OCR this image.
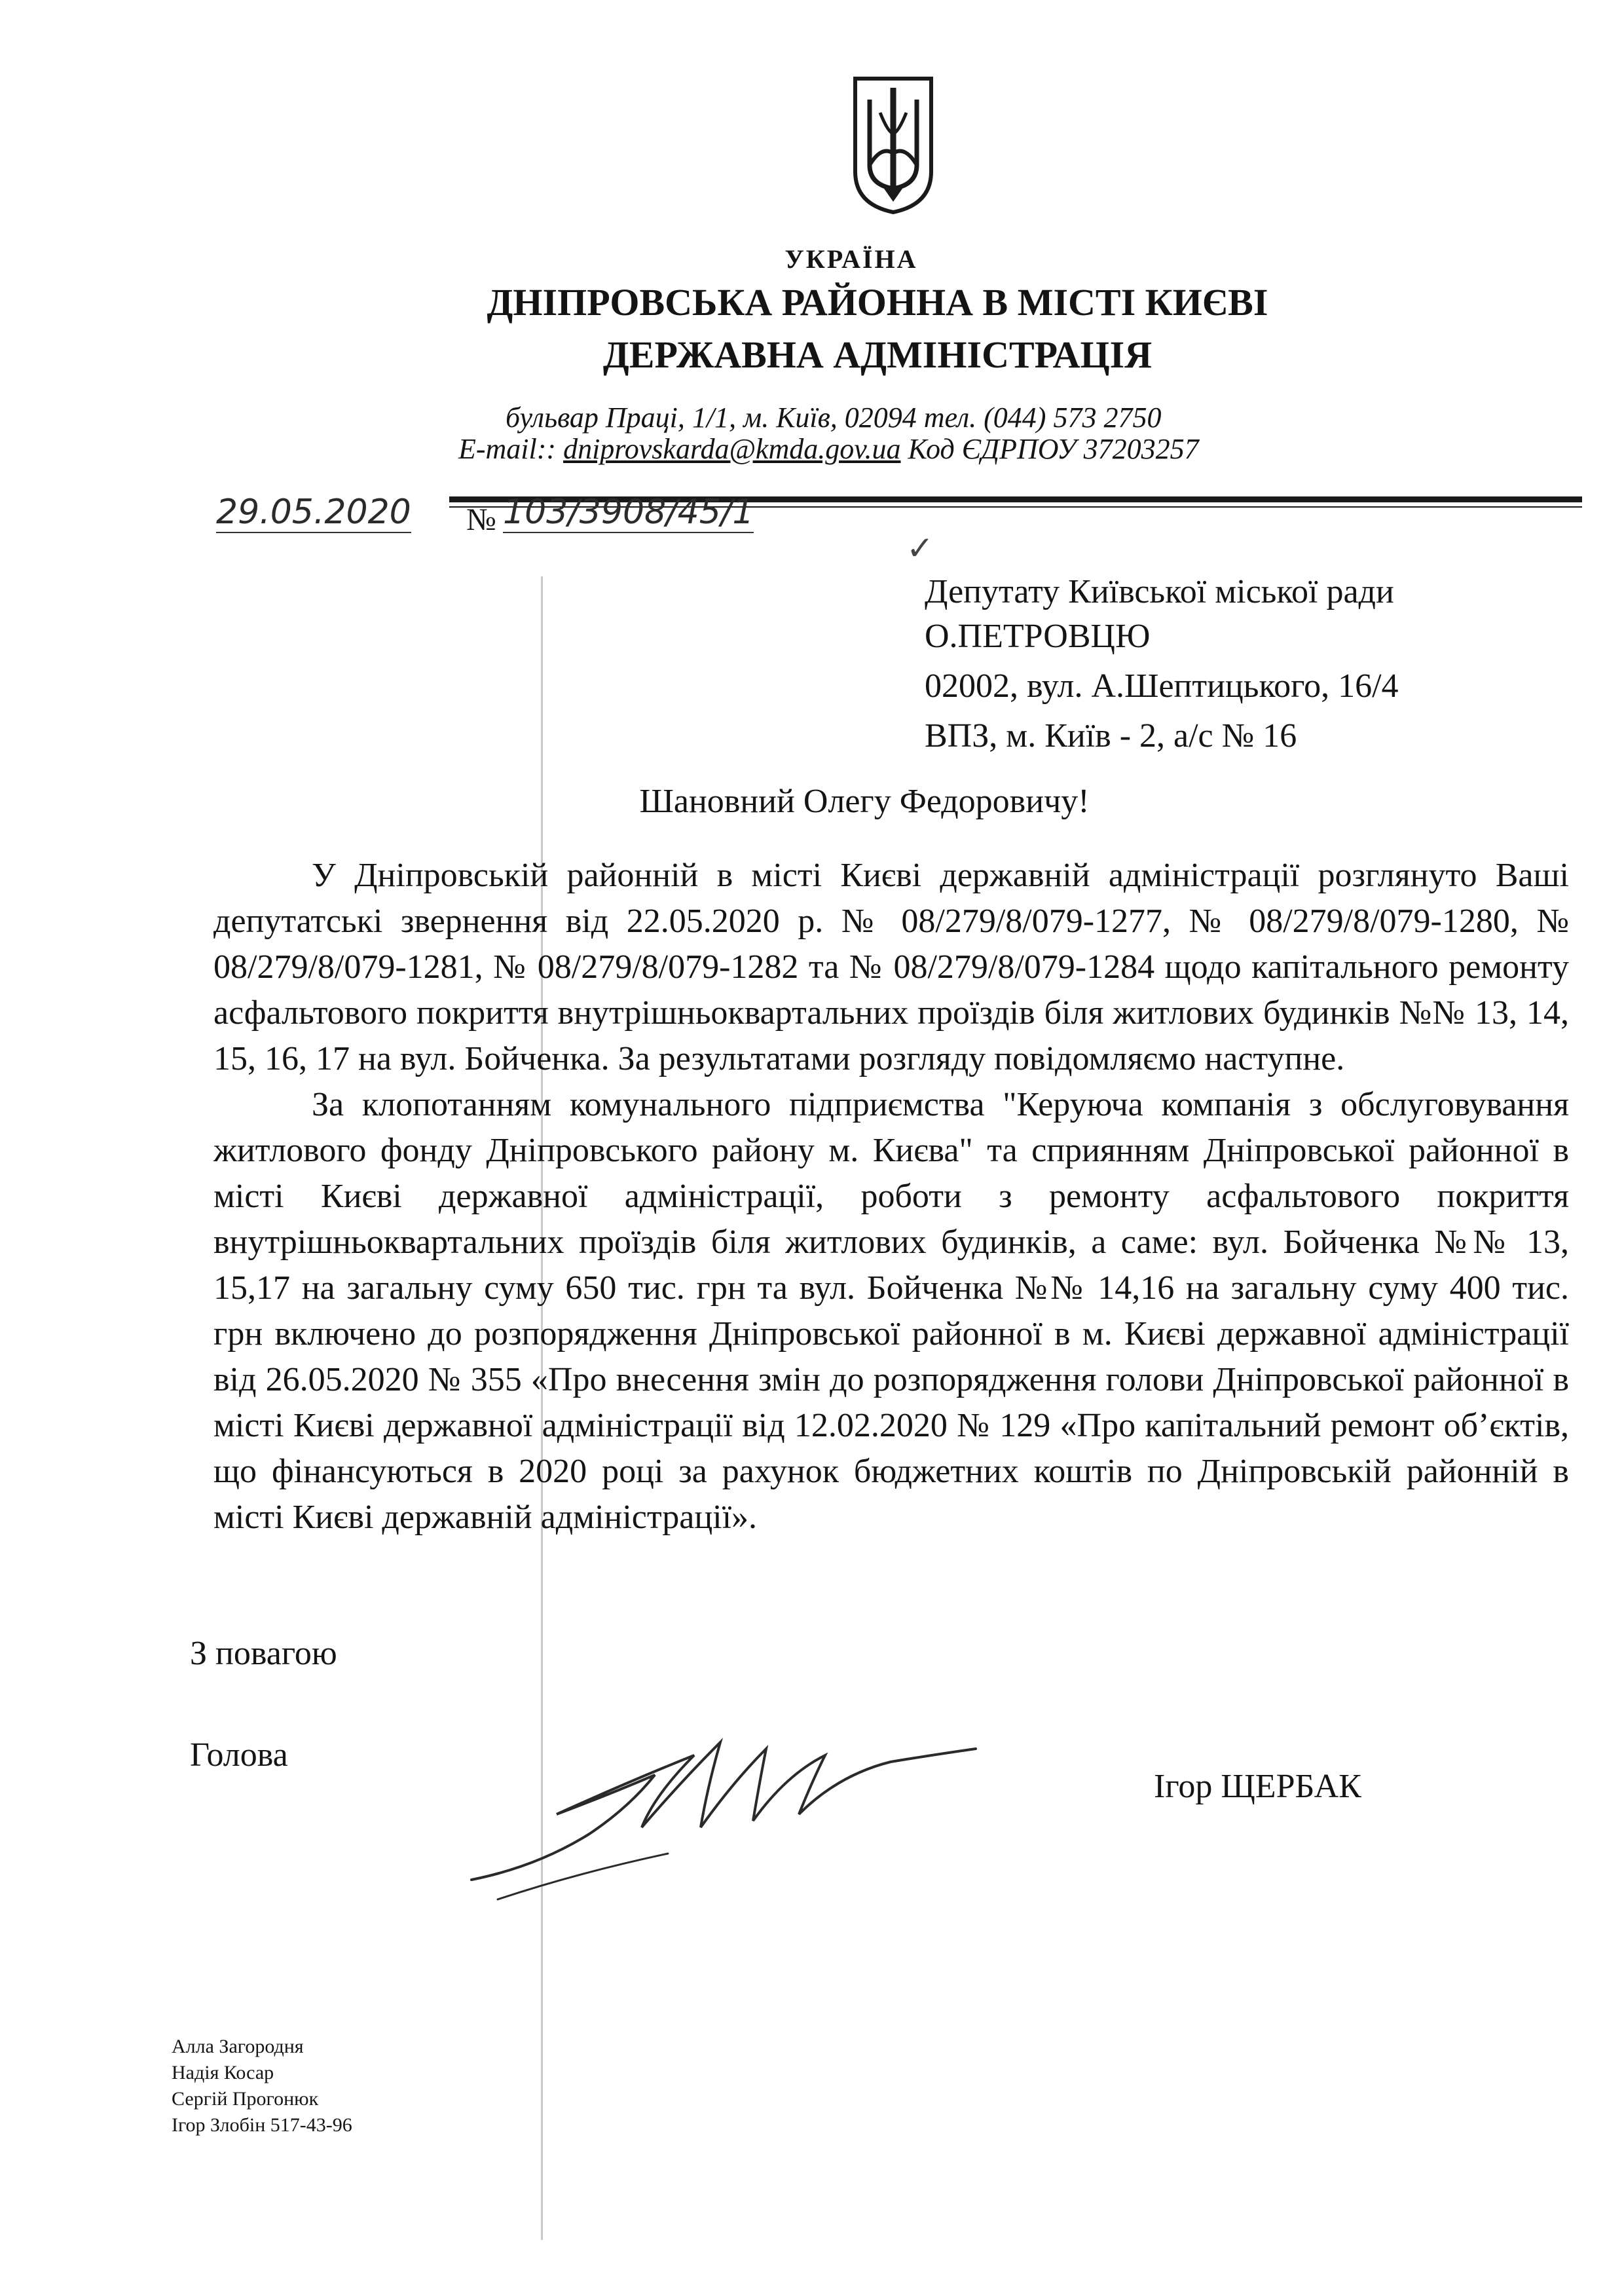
УКРАЇНА
ДНІПРОВСЬКА РАЙОННА В МІСТІ КИЄВІ
ДЕРЖАВНА АДМІНІСТРАЦІЯ
бульвар Праці, 1/1, м. Київ, 02094 тел. (044) 573 2750
E-mail:: dniprovskarda@kmda.gov.ua Код ЄДРПОУ 37203257
29.05.2020 № 103/3908/45/1
✓
Депутату Київської міської ради
О.ПЕТРОВЦЮ
02002, вул. А.Шептицького, 16/4
ВПЗ, м. Київ - 2, а/с № 16
Шановний Олегу Федоровичу!

У Дніпровській районній в місті Києві державній адміністрації розглянуто Ваші депутатські звернення від 22.05.2020 р. № 08/279/8/079-1277, № 08/279/8/079-1280, № 08/279/8/079-1281, № 08/279/8/079-1282 та № 08/279/8/079-1284 щодо капітального ремонту асфальтового покриття внутрішньоквартальних проїздів біля житлових будинків №№ 13, 14, 15, 16, 17 на вул. Бойченка. За результатами розгляду повідомляємо наступне.

За клопотанням комунального підприємства "Керуюча компанія з обслуговування житлового фонду Дніпровського району м. Києва" та сприянням Дніпровської районної в місті Києві державної адміністрації, роботи з ремонту асфальтового покриття внутрішньоквартальних проїздів біля житлових будинків, а саме: вул. Бойченка №№ 13, 15,17 на загальну суму 650 тис. грн та вул. Бойченка №№ 14,16 на загальну суму 400 тис. грн включено до розпорядження Дніпровської районної в м. Києві державної адміністрації від 26.05.2020 № 355 «Про внесення змін до розпорядження голови Дніпровської районної в місті Києві державної адміністрації від 12.02.2020 № 129 «Про капітальний ремонт об’єктів, що фінансуються в 2020 році за рахунок бюджетних коштів по Дніпровській районній в місті Києві державній адміністрації».

З повагою
Голова
Ігор ЩЕРБАК
Алла Загородня
Надія Косар
Сергій Прогонюк
Ігор Злобін 517-43-96
